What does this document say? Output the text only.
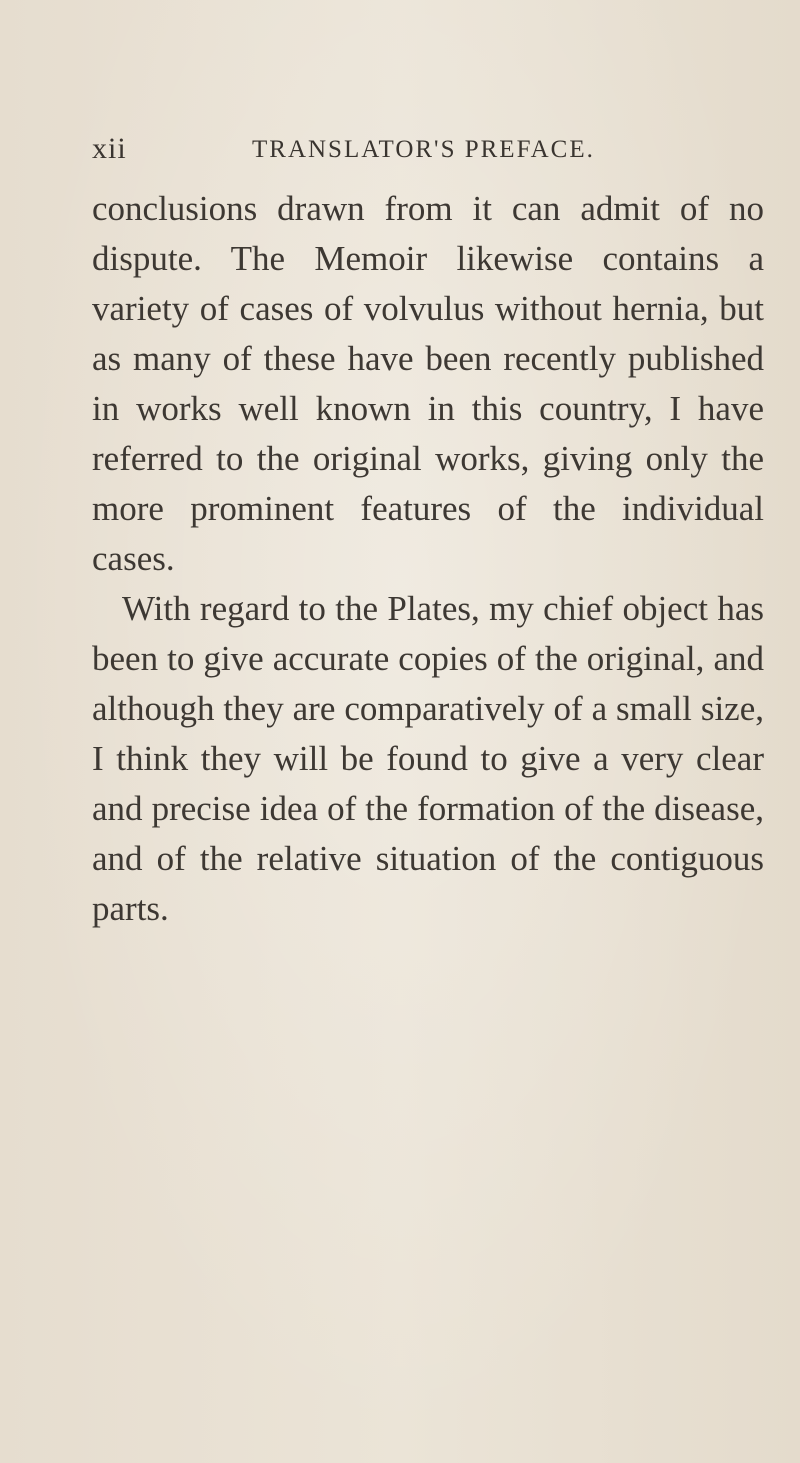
xii	TRANSLATOR'S PREFACE.

conclusions drawn from it can admit of no dispute. The Memoir likewise contains a variety of cases of volvulus without hernia, but as many of these have been recently published in works well known in this country, I have referred to the original works, giving only the more prominent features of the individual cases.

With regard to the Plates, my chief object has been to give accurate copies of the original, and although they are comparatively of a small size, I think they will be found to give a very clear and precise idea of the formation of the disease, and of the relative situation of the contiguous parts.
